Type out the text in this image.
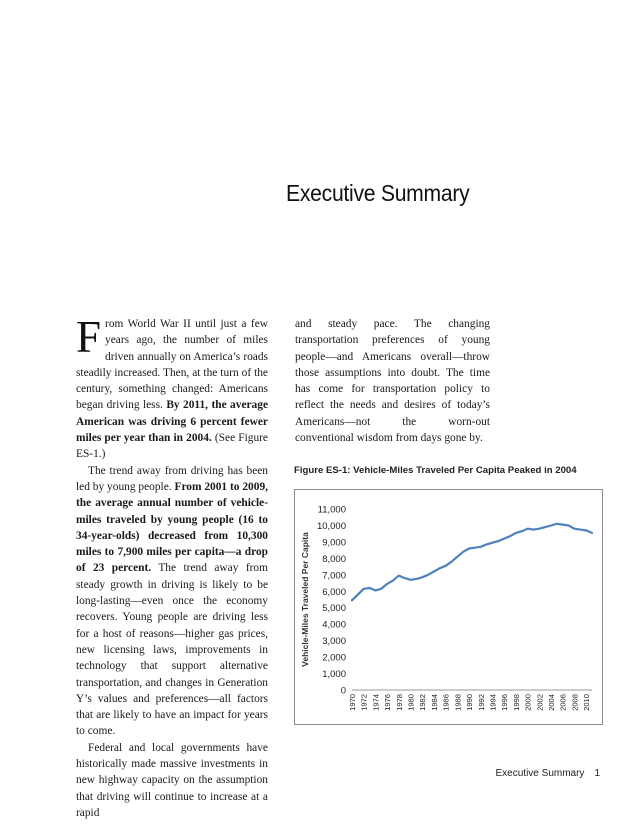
Executive Summary

From World War II until just a few years ago, the number of miles driven annually on America’s roads steadily increased. Then, at the turn of the century, something changed: Americans began driving less. By 2011, the average American was driving 6 percent fewer miles per year than in 2004. (See Figure ES-1.)

The trend away from driving has been led by young people. From 2001 to 2009, the average annual number of vehicle-miles traveled by young people (16 to 34-year-olds) decreased from 10,300 miles to 7,900 miles per capita—a drop of 23 percent. The trend away from steady growth in driving is likely to be long-lasting—even once the economy recovers. Young people are driving less for a host of reasons—higher gas prices, new licensing laws, improvements in technology that support alternative transportation, and changes in Generation Y’s values and preferences—all factors that are likely to have an impact for years to come.

Federal and local governments have historically made massive investments in new highway capacity on the assumption that driving will continue to increase at a rapid

and steady pace. The changing transportation preferences of young people—and Americans overall—throw those assumptions into doubt. The time has come for transportation policy to reflect the needs and desires of today’s Americans—not the worn-out conventional wisdom from days gone by.

Figure ES-1: Vehicle-Miles Traveled Per Capita Peaked in 2004
0
1,000
2,000
3,000
4,000
5,000
6,000
7,000
8,000
9,000
10,000
11,000
Vehicle-Miles Traveled Per Capita
1970 1972 1974 1976 1978 1980 1982 1984 1986 1988 1990 1992 1994 1996 1998 2000 2002 2004 2006 2008 2010
Executive Summary 1
